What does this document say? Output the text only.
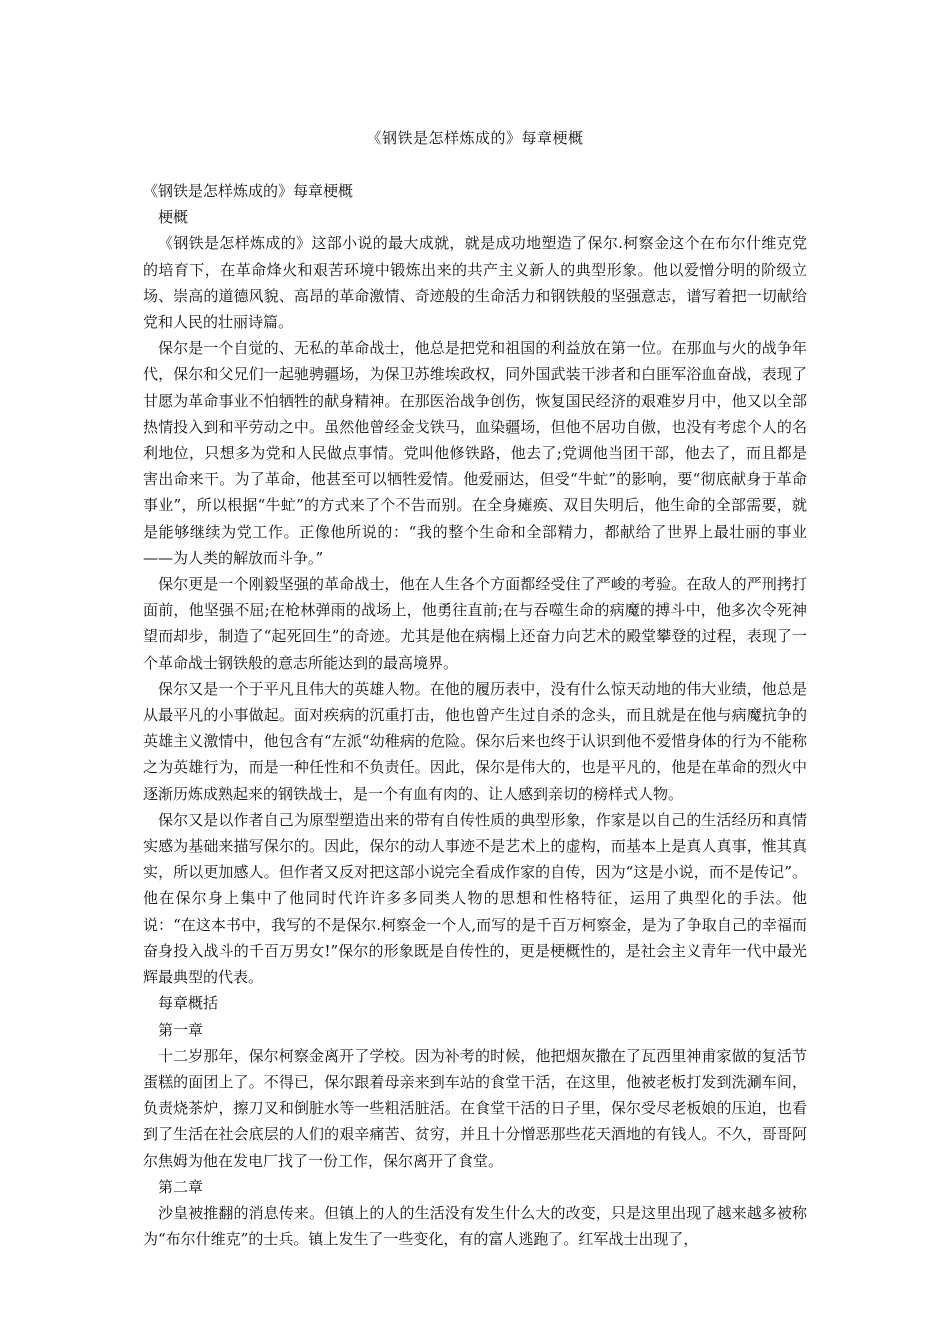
《钢铁是怎样炼成的》每章梗概

《钢铁是怎样炼成的》每章梗概

梗概

《钢铁是怎样炼成的》这部小说的最大成就，就是成功地塑造了保尔.柯察金这个在布尔什维克党的培育下，在革命烽火和艰苦环境中锻炼出来的共产主义新人的典型形象。他以爱憎分明的阶级立场、崇高的道德风貌、高昂的革命激情、奇迹般的生命活力和钢铁般的坚强意志，谱写着把一切献给党和人民的壮丽诗篇。

保尔是一个自觉的、无私的革命战士，他总是把党和祖国的利益放在第一位。在那血与火的战争年代，保尔和父兄们一起驰骋疆场，为保卫苏维埃政权，同外国武装干涉者和白匪军浴血奋战，表现了甘愿为革命事业不怕牺牲的献身精神。在那医治战争创伤，恢复国民经济的艰难岁月中，他又以全部热情投入到和平劳动之中。虽然他曾经金戈铁马，血染疆场，但他不居功自傲，也没有考虑个人的名利地位，只想多为党和人民做点事情。党叫他修铁路，他去了;党调他当团干部，他去了，而且都是害出命来干。为了革命，他甚至可以牺牲爱情。他爱丽达，但受“牛虻”的影响，要“彻底献身于革命事业”，所以根据“牛虻”的方式来了个不告而别。在全身瘫痪、双目失明后，他生命的全部需要，就是能够继续为党工作。正像他所说的：“我的整个生命和全部精力，都献给了世界上最壮丽的事业——为人类的解放而斗争。”

保尔更是一个刚毅坚强的革命战士，他在人生各个方面都经受住了严峻的考验。在敌人的严刑拷打面前，他坚强不屈;在枪林弹雨的战场上，他勇往直前;在与吞噬生命的病魔的搏斗中，他多次令死神望而却步，制造了“起死回生”的奇迹。尤其是他在病榻上还奋力向艺术的殿堂攀登的过程，表现了一个革命战士钢铁般的意志所能达到的最高境界。

保尔又是一个于平凡且伟大的英雄人物。在他的履历表中，没有什么惊天动地的伟大业绩，他总是从最平凡的小事做起。面对疾病的沉重打击，他也曾产生过自杀的念头，而且就是在他与病魔抗争的英雄主义激情中，他包含有“左派“幼稚病的危险。保尔后来也终于认识到他不爱惜身体的行为不能称之为英雄行为，而是一种任性和不负责任。因此，保尔是伟大的，也是平凡的，他是在革命的烈火中逐渐历炼成熟起来的钢铁战士，是一个有血有肉的、让人感到亲切的榜样式人物。

保尔又是以作者自己为原型塑造出来的带有自传性质的典型形象，作家是以自己的生活经历和真情实感为基础来描写保尔的。因此，保尔的动人事迹不是艺术上的虚构，而基本上是真人真事，惟其真实，所以更加感人。但作者又反对把这部小说完全看成作家的自传，因为“这是小说，而不是传记”。他在保尔身上集中了他同时代许许多多同类人物的思想和性格特征，运用了典型化的手法。他说：“在这本书中，我写的不是保尔.柯察金一个人,而写的是千百万柯察金，是为了争取自己的幸福而奋身投入战斗的千百万男女!”保尔的形象既是自传性的，更是梗概性的，是社会主义青年一代中最光辉最典型的代表。

每章概括

第一章

十二岁那年，保尔柯察金离开了学校。因为补考的时候，他把烟灰撒在了瓦西里神甫家做的复活节蛋糕的面团上了。不得已，保尔跟着母亲来到车站的食堂干活，在这里，他被老板打发到洗涮车间，负责烧茶炉，擦刀叉和倒脏水等一些粗活脏活。在食堂干活的日子里，保尔受尽老板娘的压迫，也看到了生活在社会底层的人们的艰辛痛苦、贫穷，并且十分憎恶那些花天酒地的有钱人。不久，哥哥阿尔焦姆为他在发电厂找了一份工作，保尔离开了食堂。

第二章

沙皇被推翻的消息传来。但镇上的人的生活没有发生什么大的改变，只是这里出现了越来越多被称为“布尔什维克”的士兵。镇上发生了一些变化，有的富人逃跑了。红军战士出现了，
